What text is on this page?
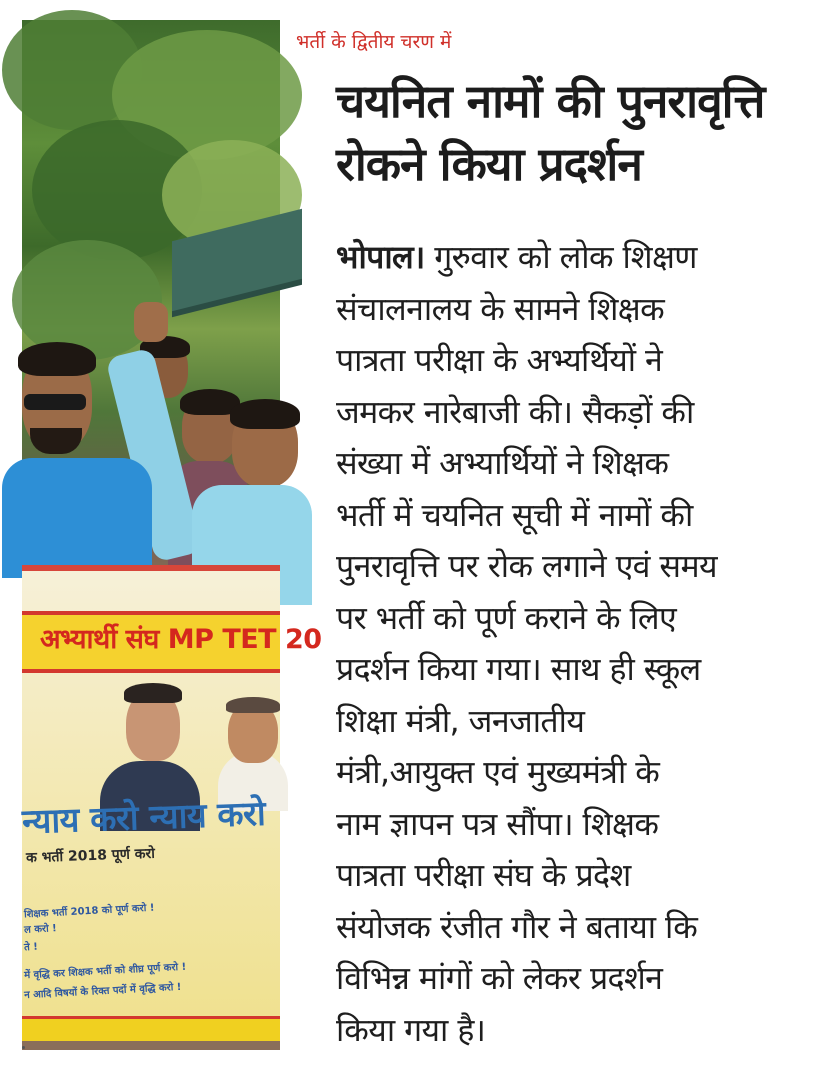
अभ्यार्थी संघ MP TET 20
न्याय करो न्याय करो
क भर्ती 2018 पूर्ण करो
शिक्षक भर्ती 2018 को पूर्ण करो !
ल करो !
ते !
में वृद्धि कर शिक्षक भर्ती को शीघ्र पूर्ण करो !
न आदि विषयों के रिक्त पदों में वृद्धि करो !
भर्ती के द्वितीय चरण में
चयनित नामों की पुनरावृत्ति
रोकने किया प्रदर्शन
भोपाल। गुरुवार को लोक शिक्षण
संचालनालय के सामने शिक्षक
पात्रता परीक्षा के अभ्यर्थियों ने
जमकर नारेबाजी की। सैकड़ों की
संख्या में अभ्यार्थियों ने शिक्षक
भर्ती में चयनित सूची में नामों की
पुनरावृत्ति पर रोक लगाने एवं समय
पर भर्ती को पूर्ण कराने के लिए
प्रदर्शन किया गया। साथ ही स्कूल
शिक्षा मंत्री, जनजातीय
मंत्री,आयुक्त एवं मुख्यमंत्री के
नाम ज्ञापन पत्र सौंपा। शिक्षक
पात्रता परीक्षा संघ के प्रदेश
संयोजक रंजीत गौर ने बताया कि
विभिन्न मांगों को लेकर प्रदर्शन
किया गया है।
